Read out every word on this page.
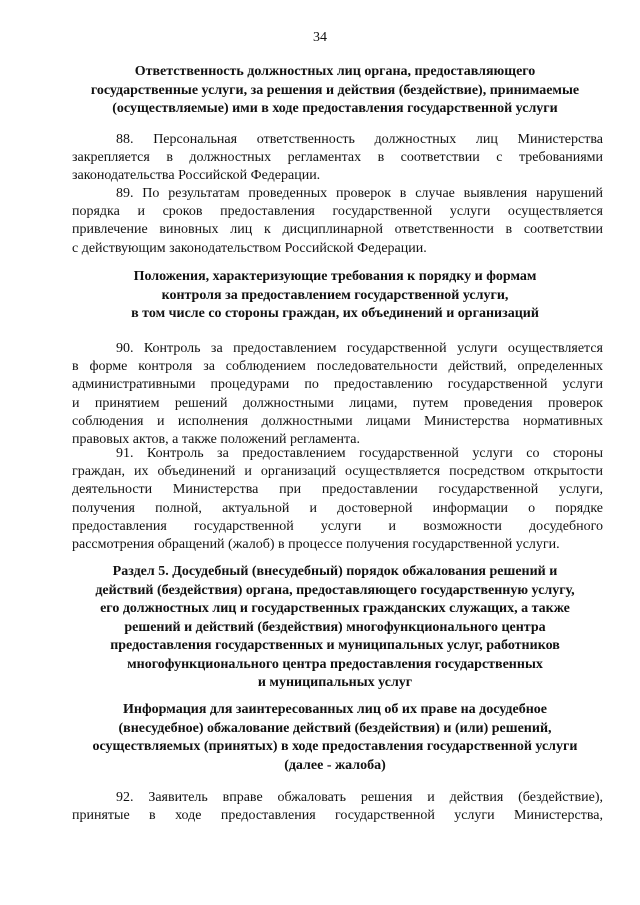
34
Ответственность должностных лиц органа, предоставляющего
государственные услуги, за решения и действия (бездействие), принимаемые
(осуществляемые) ими в ходе предоставления государственной услуги
88. Персональная ответственность должностных лиц Министерства
закрепляется в должностных регламентах в соответствии с требованиями
законодательства Российской Федерации.
89. По результатам проведенных проверок в случае выявления нарушений
порядка и сроков предоставления государственной услуги осуществляется
привлечение виновных лиц к дисциплинарной ответственности в соответствии
с действующим законодательством Российской Федерации.
Положения, характеризующие требования к порядку и формам
контроля за предоставлением государственной услуги,
в том числе со стороны граждан, их объединений и организаций
90. Контроль за предоставлением государственной услуги осуществляется
в форме контроля за соблюдением последовательности действий, определенных
административными процедурами по предоставлению государственной услуги
и принятием решений должностными лицами, путем проведения проверок
соблюдения и исполнения должностными лицами Министерства нормативных
правовых актов, а также положений регламента.
91. Контроль за предоставлением государственной услуги со стороны
граждан, их объединений и организаций осуществляется посредством открытости
деятельности Министерства при предоставлении государственной услуги,
получения полной, актуальной и достоверной информации о порядке
предоставления государственной услуги и возможности досудебного
рассмотрения обращений (жалоб) в процессе получения государственной услуги.
Раздел 5. Досудебный (внесудебный) порядок обжалования решений и
действий (бездействия) органа, предоставляющего государственную услугу,
его должностных лиц и государственных гражданских служащих, а также
решений и действий (бездействия) многофункционального центра
предоставления государственных и муниципальных услуг, работников
многофункционального центра предоставления государственных
и муниципальных услуг
Информация для заинтересованных лиц об их праве на досудебное
(внесудебное) обжалование действий (бездействия) и (или) решений,
осуществляемых (принятых) в ходе предоставления государственной услуги
(далее - жалоба)
92. Заявитель вправе обжаловать решения и действия (бездействие),
принятые в ходе предоставления государственной услуги Министерства,
